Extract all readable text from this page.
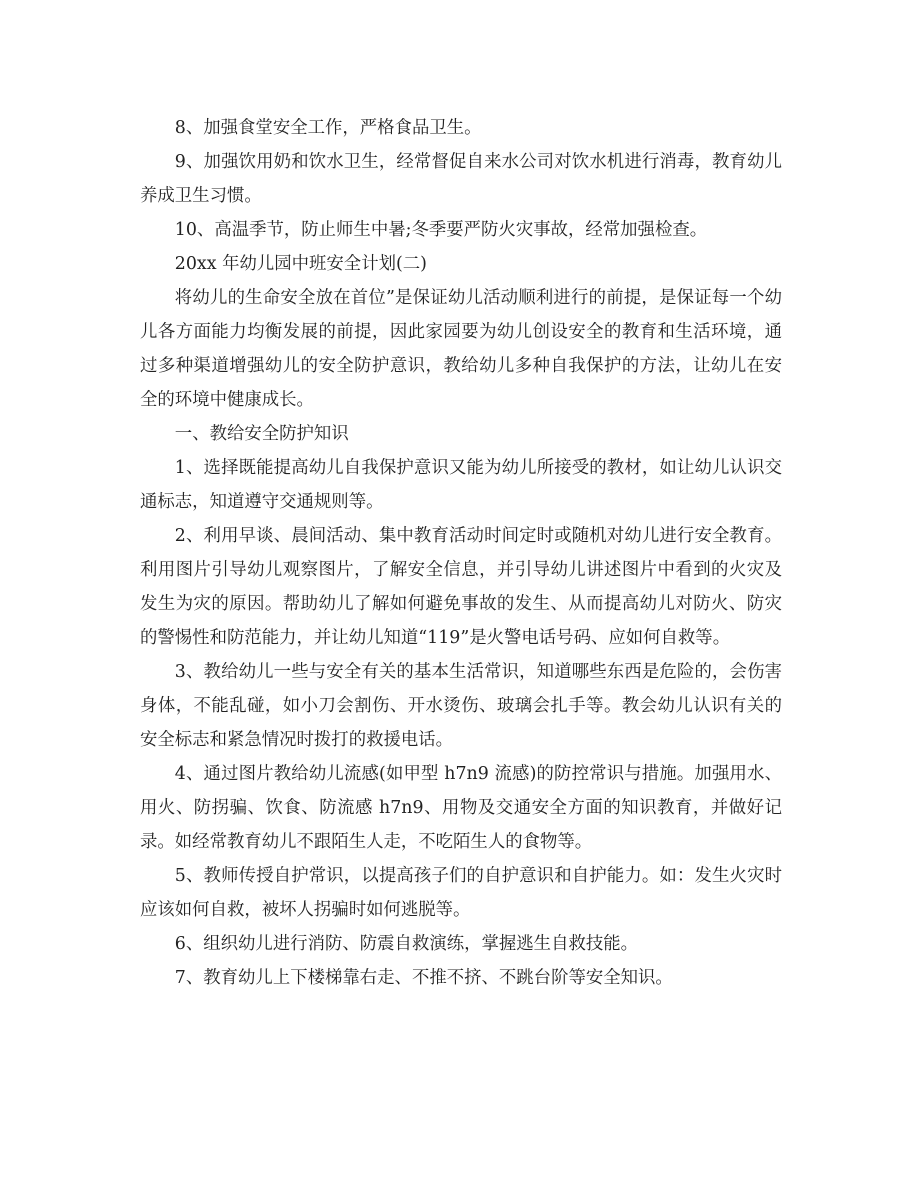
8、加强食堂安全工作，严格食品卫生。

9、加强饮用奶和饮水卫生，经常督促自来水公司对饮水机进行消毒，教育幼儿养成卫生习惯。

10、高温季节，防止师生中暑;冬季要严防火灾事故，经常加强检查。

20xx 年幼儿园中班安全计划(二)

将幼儿的生命安全放在首位”是保证幼儿活动顺利进行的前提，是保证每一个幼儿各方面能力均衡发展的前提，因此家园要为幼儿创设安全的教育和生活环境，通过多种渠道增强幼儿的安全防护意识，教给幼儿多种自我保护的方法，让幼儿在安全的环境中健康成长。

一、教给安全防护知识

1、选择既能提高幼儿自我保护意识又能为幼儿所接受的教材，如让幼儿认识交通标志，知道遵守交通规则等。

2、利用早谈、晨间活动、集中教育活动时间定时或随机对幼儿进行安全教育。利用图片引导幼儿观察图片，了解安全信息，并引导幼儿讲述图片中看到的火灾及发生为灾的原因。帮助幼儿了解如何避免事故的发生、从而提高幼儿对防火、防灾的警惕性和防范能力，并让幼儿知道“119”是火警电话号码、应如何自救等。

3、教给幼儿一些与安全有关的基本生活常识，知道哪些东西是危险的，会伤害身体，不能乱碰，如小刀会割伤、开水烫伤、玻璃会扎手等。教会幼儿认识有关的安全标志和紧急情况时拨打的救援电话。

4、通过图片教给幼儿流感(如甲型 h7n9 流感)的防控常识与措施。加强用水、用火、防拐骗、饮食、防流感 h7n9、用物及交通安全方面的知识教育，并做好记录。如经常教育幼儿不跟陌生人走，不吃陌生人的食物等。

5、教师传授自护常识，以提高孩子们的自护意识和自护能力。如：发生火灾时应该如何自救，被坏人拐骗时如何逃脱等。

6、组织幼儿进行消防、防震自救演练，掌握逃生自救技能。

7、教育幼儿上下楼梯靠右走、不推不挤、不跳台阶等安全知识。
